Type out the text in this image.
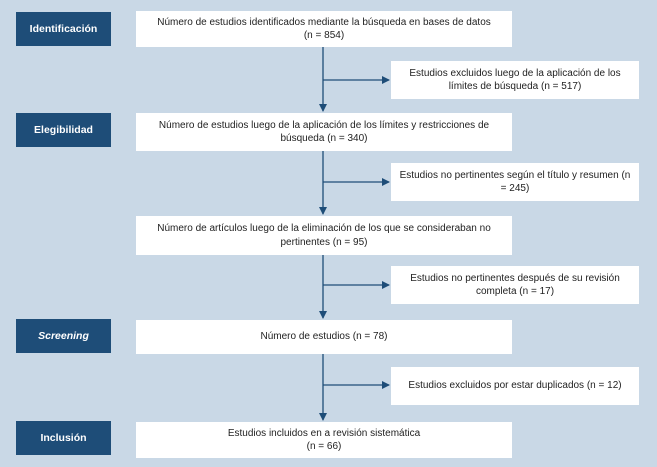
Identificación
Elegibilidad
Screening
Inclusión
Número de estudios identificados mediante la búsqueda en bases de datos
(n = 854)
Número de estudios luego de la aplicación de los límites y restricciones de búsqueda (n = 340)
Número de artículos luego de la eliminación de los que se consideraban no pertinentes (n = 95)
Número de estudios (n = 78)
Estudios incluidos en a revisión sistemática
(n = 66)
Estudios excluidos luego de la aplicación de los límites de búsqueda (n = 517)
Estudios no pertinentes según el título y resumen (n = 245)
Estudios no pertinentes después de su revisión completa (n = 17)
Estudios excluidos por estar duplicados (n = 12)
